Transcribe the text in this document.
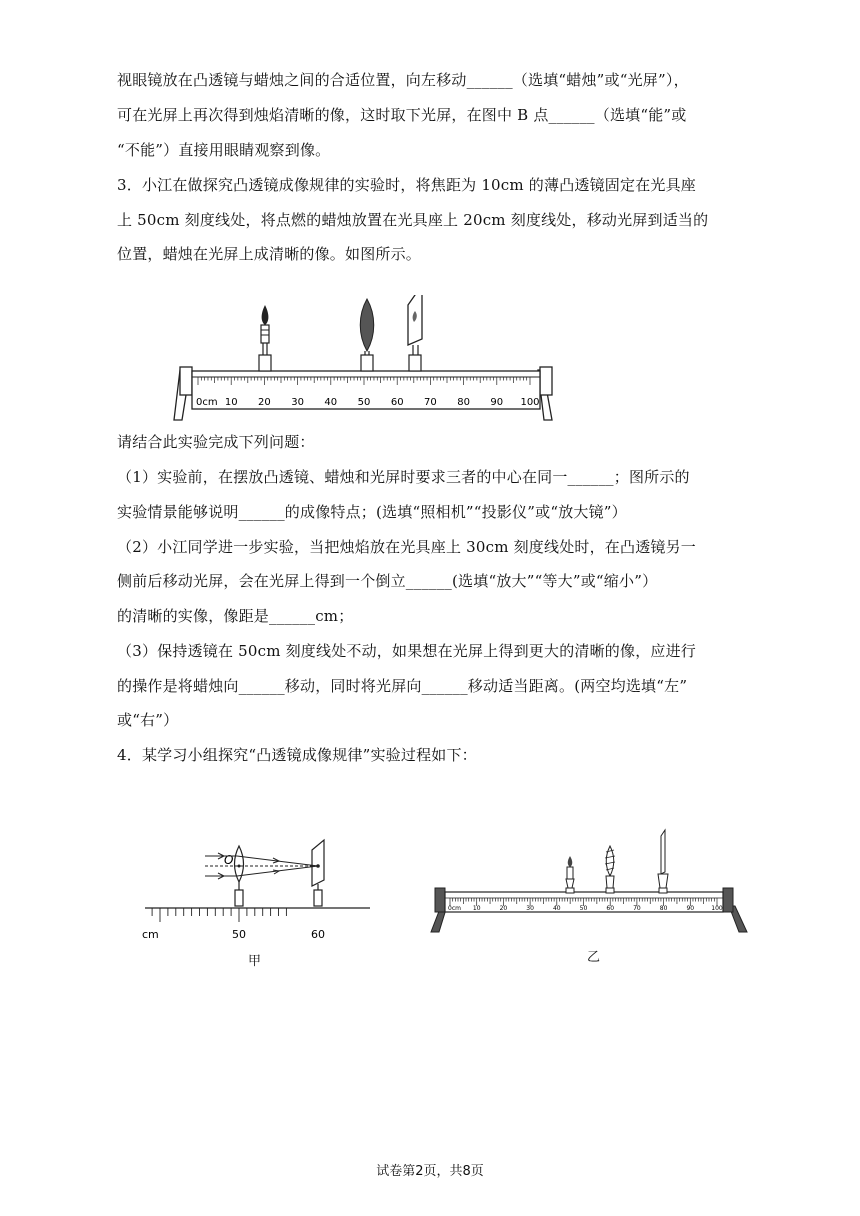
视眼镜放在凸透镜与蜡烛之间的合适位置，向左移动______（选填“蜡烛”或“光屏”），
可在光屏上再次得到烛焰清晰的像，这时取下光屏，在图中 B 点______（选填“能”或
“不能”）直接用眼睛观察到像。
3．小江在做探究凸透镜成像规律的实验时，将焦距为 10cm 的薄凸透镜固定在光具座
上 50cm 刻度线处，将点燃的蜡烛放置在光具座上 20cm 刻度线处，移动光屏到适当的
位置，蜡烛在光屏上成清晰的像。如图所示。
0cm 10 20 30 40 50 60 70 80 90 100
请结合此实验完成下列问题：
（1）实验前，在摆放凸透镜、蜡烛和光屏时要求三者的中心在同一______；图所示的
实验情景能够说明______的成像特点；(选填“照相机”“投影仪”或“放大镜”）
（2）小江同学进一步实验，当把烛焰放在光具座上 30cm 刻度线处时，在凸透镜另一
侧前后移动光屏，会在光屏上得到一个倒立______(选填“放大”“等大”或“缩小”）
的清晰的实像，像距是______cm；
（3）保持透镜在 50cm 刻度线处不动，如果想在光屏上得到更大的清晰的像，应进行
的操作是将蜡烛向______移动，同时将光屏向______移动适当距离。(两空均选填“左”
或“右”）
4．某学习小组探究“凸透镜成像规律”实验过程如下：
cm	50	60
O
甲
0cm 10	20	30	40	50	60	70	80	90	100
乙
试卷第2页，共8页
